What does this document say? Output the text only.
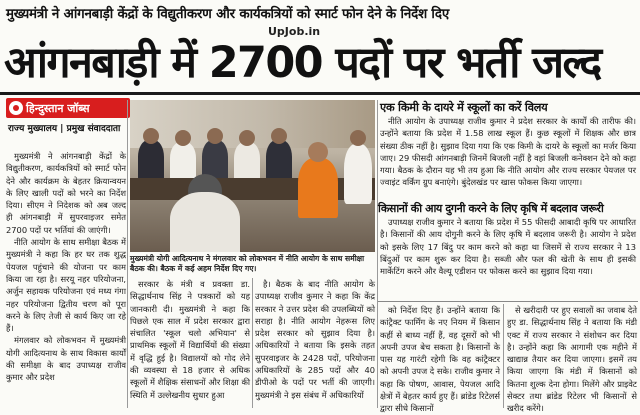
मुख्यमंत्री ने आंगनबाड़ी केंद्रों के विद्युतीकरण और कार्यकत्रियों को स्मार्ट फोन देने के निर्देश दिए
UpJob.in
आंगनबाड़ी में 2700 पदों पर भर्ती जल्द
हिन्दुस्तान जॉब्स
राज्य मुख्यालय | प्रमुख संवाददाता

मुख्यमंत्री ने आंगनबाड़ी केंद्रों के विद्युतीकरण, कार्यकत्रियों को स्मार्ट फोन देने और कार्यक्रम के बेहतर क्रियान्वयन के लिए खाली पदों को भरने का निर्देश दिया। सीएम ने निदेशक को अब जल्द ही आंगनबाड़ी में सुपरवाइजर समेत 2700 पदों पर भर्तियां की जाएंगी।

नीति आयोग के साथ समीक्षा बैठक में मुख्यमंत्री ने कहा कि हर घर तक शुद्ध पेयजल पहुंचाने की योजना पर काम किया जा रहा है। सरयू नहर परियोजना, अर्जुन सहायक परियोजना एवं मध्य गंगा नहर परियोजना द्वितीय चरण को पूरा करने के लिए तेजी से कार्य किए जा रहे हैं।

मंगलवार को लोकभवन में मुख्यमंत्री योगी आदित्यनाथ के साथ विकास कार्यों की समीक्षा के बाद उपाध्यक्ष राजीव कुमार और प्रदेश

मुख्यमंत्री योगी आदित्यनाथ ने मंगलवार को लोकभवन में नीति आयोग के साथ समीक्षा बैठक की। बैठक में कई अहम निर्देश दिए गए।

सरकार के मंत्री व प्रवक्ता डा. सिद्धार्थनाथ सिंह ने पत्रकारों को यह जानकारी दी। मुख्यमंत्री ने कहा कि पिछले एक साल में प्रदेश सरकार द्वारा संचालित 'स्कूल चलो अभियान' से प्राथमिक स्कूलों में विद्यार्थियों की संख्या में वृद्धि हुई है। विद्यालयों को गोद लेने की व्यवस्था से 18 हजार से अधिक स्कूलों में शैक्षिक संसाधनों और शिक्षा की स्थिति में उल्लेखनीय सुधार हुआ

है। बैठक के बाद नीति आयोग के उपाध्यक्ष राजीव कुमार ने कहा कि केंद्र सरकार ने उत्तर प्रदेश की उपलब्धियों को सराहा है। नीति आयोग नेहरूस लिए प्रदेश सरकार को सुझाव दिया है। अधिकारियों ने बताया कि इसके तहत सुपरवाइजर के 2428 पदों, परियोजना अधिकारियों के 285 पदों और 40 डीपीओ के पदों पर भर्ती की जाएगी। मुख्यमंत्री ने इस संबंध में अधिकारियों

एक किमी के दायरे में स्कूलों का करें विलय

नीति आयोग के उपाध्यक्ष राजीव कुमार ने प्रदेश सरकार के कार्यों की तारीफ की। उन्होंने बताया कि प्रदेश में 1.58 लाख स्कूल हैं। कुछ स्कूलों में शिक्षक और छात्र संख्या ठीक नहीं है। सुझाव दिया गया कि एक किमी के दायरे के स्कूलों का मर्जर किया जाए। 29 फीसदी आंगनबाड़ी जिनमें बिजली नहीं है वहां बिजली कनेक्शन देने को कहा गया। बैठक के दौरान यह भी तय हुआ कि नीति आयोग और राज्य सरकार पेयजल पर ज्वाइंट वर्किंग ग्रुप बनाएंगे। बुंदेलखंड पर खास फोकस किया जाएगा।

किसानों की आय दुगनी करने के लिए कृषि में बदलाव जरूरी

उपाध्यक्ष राजीव कुमार ने बताया कि प्रदेश में 55 फीसदी आबादी कृषि पर आधारित है। किसानों की आय दोगुनी करने के लिए कृषि में बदलाव जरूरी है। आयोग ने प्रदेश को इसके लिए 17 बिंदु पर काम करने को कहा था जिसमें से राज्य सरकार ने 13 बिंदुओं पर काम शुरू कर दिया है। सब्जी और फल की खेती के साथ ही इसकी मार्केटिंग करने और वैल्यू एडीशन पर फोकस करने का सुझाव दिया गया।

को निर्देश दिए हैं। उन्होंने बताया कि कांट्रैक्ट फार्मिंग के नए नियम में किसान कहीं से बाध्य नहीं हैं, वह दूसरों को भी अपनी उपज बेच सकता है। किसानों के पास यह गारंटी रहेगी कि वह कांट्रैक्टर को अपनी उपज दे सके। राजीव कुमार ने कहा कि पोषण, आवास, पेयजल आदि क्षेत्रों में बेहतर कार्य हुए हैं। ब्रांडेड रिटेलर्स द्वारा सीधे किसानों

से खरीदारी पर हुए सवालों का जवाब देते हुए डा. सिद्धार्थनाथ सिंह ने बताया कि मंडी एक्ट में राज्य सरकार ने संशोधन कर दिया है। उन्होंने कहा कि आगामी एक महीने में खाद्यान्न तैयार कर दिया जाएगा। इसमें तय किया जाएगा कि मंडी में किसानों को कितना शुल्क देना होगा। मिलेंगे और प्राइवेट सेक्टर तथा ब्रांडेड रिटेलर भी किसानों से खरीद करेंगे।
